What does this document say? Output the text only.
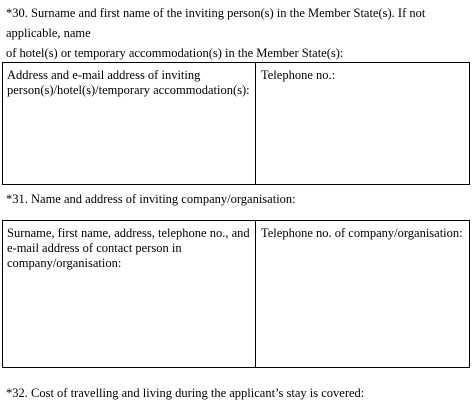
*30. Surname and first name of the inviting person(s) in the Member State(s). If not applicable, name
of hotel(s) or temporary accommodation(s) in the Member State(s):
Address and e-mail address of inviting
person(s)/hotel(s)/temporary accommodation(s):
Telephone no.:
*31. Name and address of inviting company/organisation:
Surname, first name, address, telephone no., and
e-mail address of contact person in
company/organisation:
Telephone no. of company/organisation:
*32. Cost of travelling and living during the applicant’s stay is covered:
